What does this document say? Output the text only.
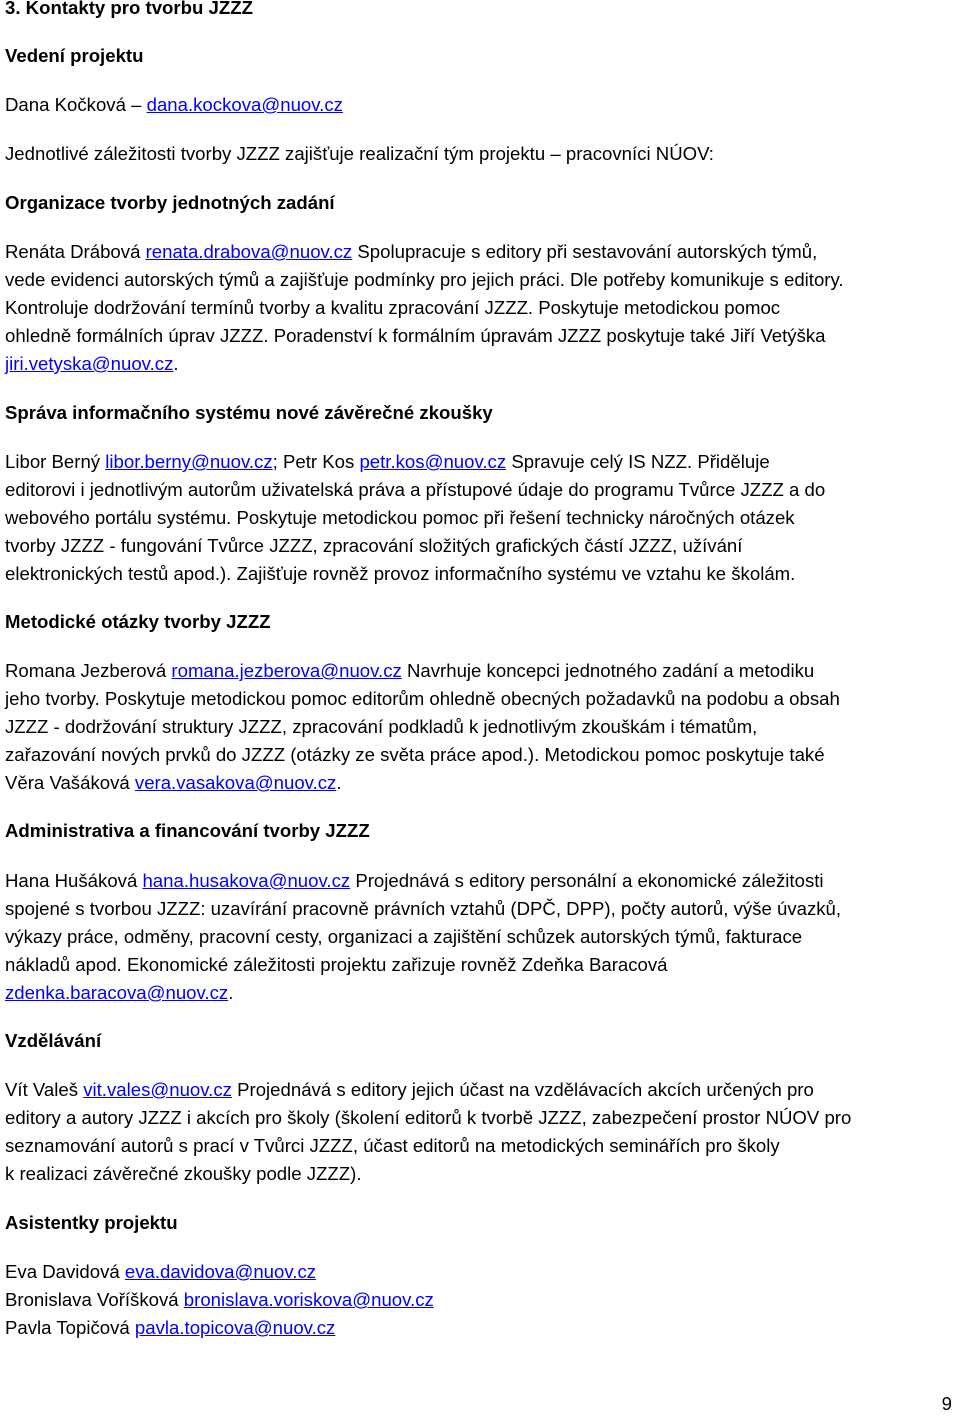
3. Kontakty pro tvorbu JZZZ
Vedení projektu
Dana Kočková – dana.kockova@nuov.cz
Jednotlivé záležitosti tvorby JZZZ zajišťuje realizační tým projektu – pracovníci NÚOV:
Organizace tvorby jednotných zadání
Renáta Drábová renata.drabova@nuov.cz Spolupracuje s editory při sestavování autorských týmů,
vede evidenci autorských týmů a zajišťuje podmínky pro jejich práci. Dle potřeby komunikuje s editory.
Kontroluje dodržování termínů tvorby a kvalitu zpracování JZZZ. Poskytuje metodickou pomoc
ohledně formálních úprav JZZZ. Poradenství k formálním úpravám JZZZ poskytuje také Jiří Vetýška
jiri.vetyska@nuov.cz.
Správa informačního systému nové závěrečné zkoušky
Libor Berný libor.berny@nuov.cz; Petr Kos petr.kos@nuov.cz Spravuje celý IS NZZ. Přiděluje
editorovi i jednotlivým autorům uživatelská práva a přístupové údaje do programu Tvůrce JZZZ a do
webového portálu systému. Poskytuje metodickou pomoc při řešení technicky náročných otázek
tvorby JZZZ - fungování Tvůrce JZZZ, zpracování složitých grafických částí JZZZ, užívání
elektronických testů apod.). Zajišťuje rovněž provoz informačního systému ve vztahu ke školám.
Metodické otázky tvorby JZZZ
Romana Jezberová romana.jezberova@nuov.cz Navrhuje koncepci jednotného zadání a metodiku
jeho tvorby. Poskytuje metodickou pomoc editorům ohledně obecných požadavků na podobu a obsah
JZZZ - dodržování struktury JZZZ, zpracování podkladů k jednotlivým zkouškám i tématům,
zařazování nových prvků do JZZZ (otázky ze světa práce apod.). Metodickou pomoc poskytuje také
Věra Vašáková vera.vasakova@nuov.cz.
Administrativa a financování tvorby JZZZ
Hana Hušáková hana.husakova@nuov.cz Projednává s editory personální a ekonomické záležitosti
spojené s tvorbou JZZZ: uzavírání pracovně právních vztahů (DPČ, DPP), počty autorů, výše úvazků,
výkazy práce, odměny, pracovní cesty, organizaci a zajištění schůzek autorských týmů, fakturace
nákladů apod. Ekonomické záležitosti projektu zařizuje rovněž Zdeňka Baracová
zdenka.baracova@nuov.cz.
Vzdělávání
Vít Valeš vit.vales@nuov.cz Projednává s editory jejich účast na vzdělávacích akcích určených pro
editory a autory JZZZ i akcích pro školy (školení editorů k tvorbě JZZZ, zabezpečení prostor NÚOV pro
seznamování autorů s prací v Tvůrci JZZZ, účast editorů na metodických seminářích pro školy
k realizaci závěrečné zkoušky podle JZZZ).
Asistentky projektu
Eva Davidová eva.davidova@nuov.cz
Bronislava Voříšková bronislava.voriskova@nuov.cz
Pavla Topičová pavla.topicova@nuov.cz
9
